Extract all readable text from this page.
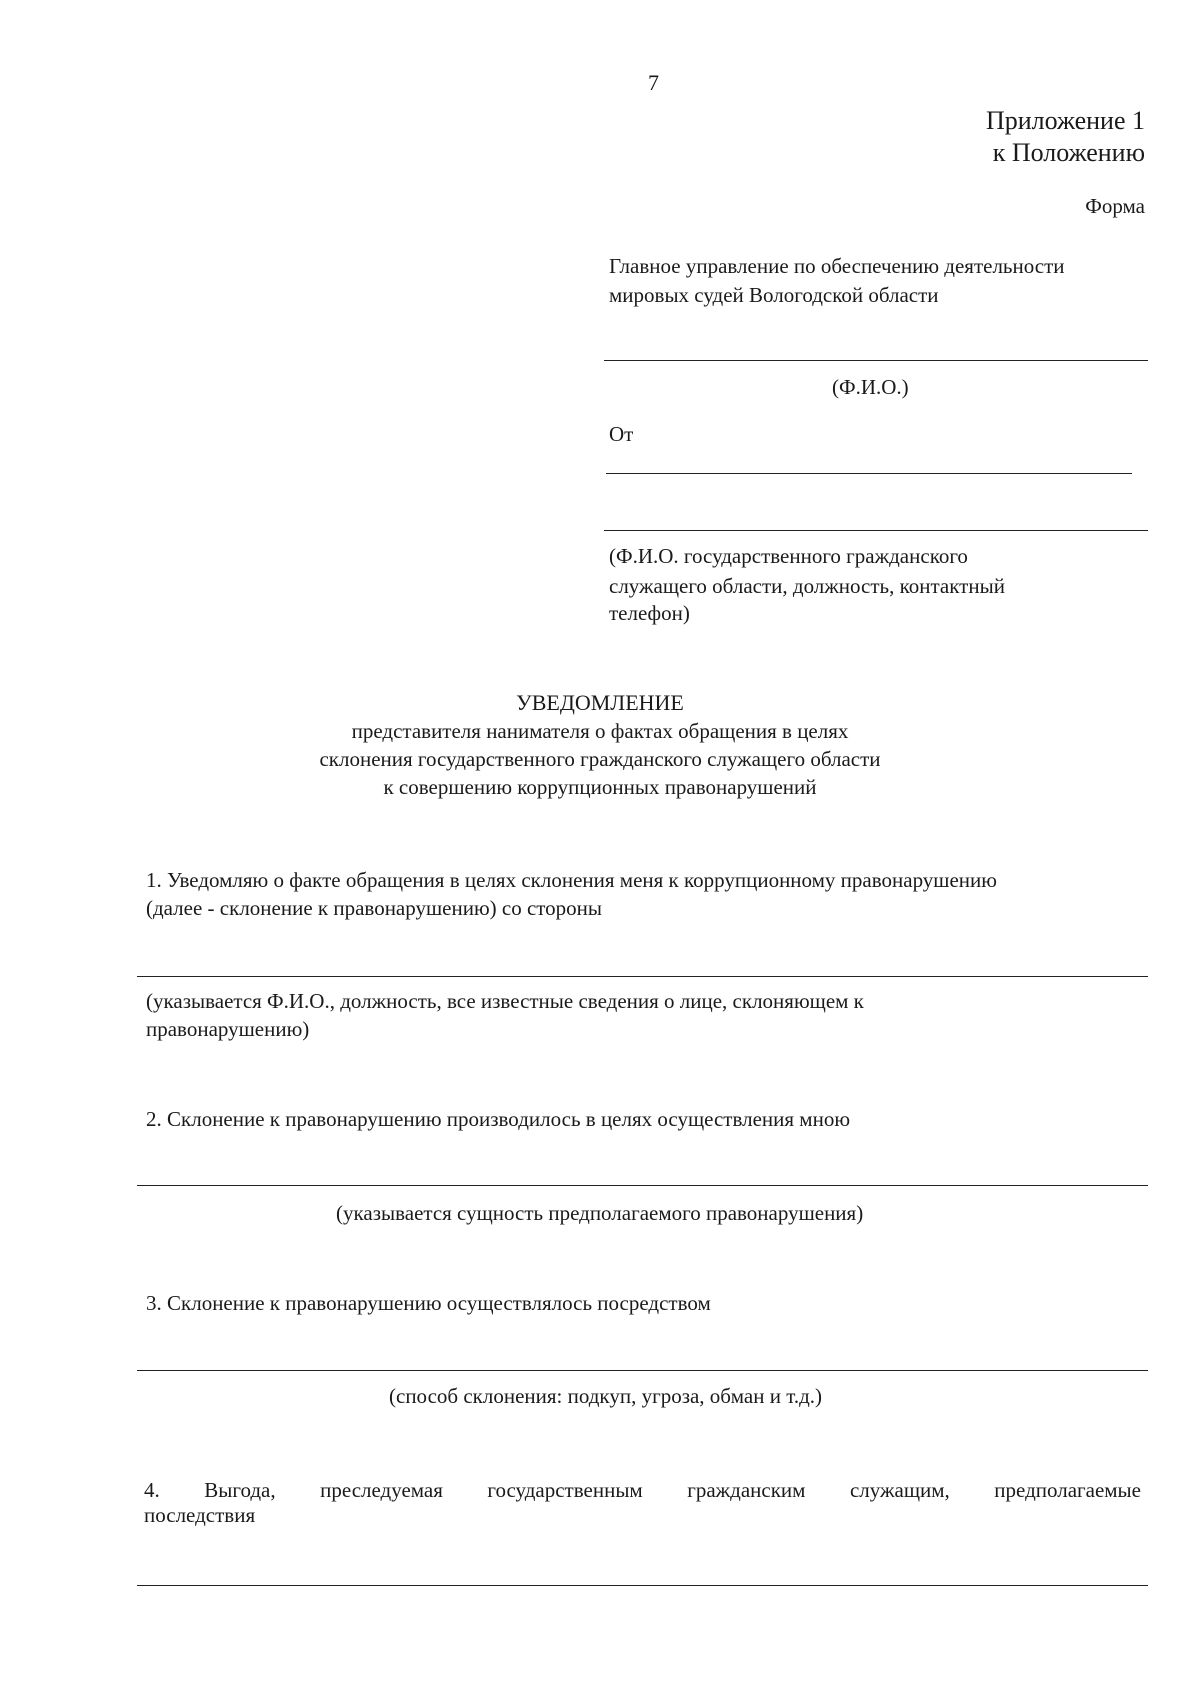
7
Приложение 1
к Положению
Форма
Главное управление по обеспечению деятельности
мировых судей Вологодской области
(Ф.И.О.)
От
(Ф.И.О. государственного гражданского
служащего области, должность, контактный
телефон)
УВЕДОМЛЕНИЕ
представителя нанимателя о фактах обращения в целях
склонения государственного гражданского служащего области
к совершению коррупционных правонарушений
1. Уведомляю о факте обращения в целях склонения меня к коррупционному правонарушению
(далее - склонение к правонарушению) со стороны
(указывается Ф.И.О., должность, все известные сведения о лице, склоняющем к
правонарушению)
2. Склонение к правонарушению производилось в целях осуществления мною
(указывается сущность предполагаемого правонарушения)
3. Склонение к правонарушению осуществлялось посредством
(способ склонения: подкуп, угроза, обман и т.д.)
4. Выгода, преследуемая государственным гражданским служащим, предполагаемые
последствия
